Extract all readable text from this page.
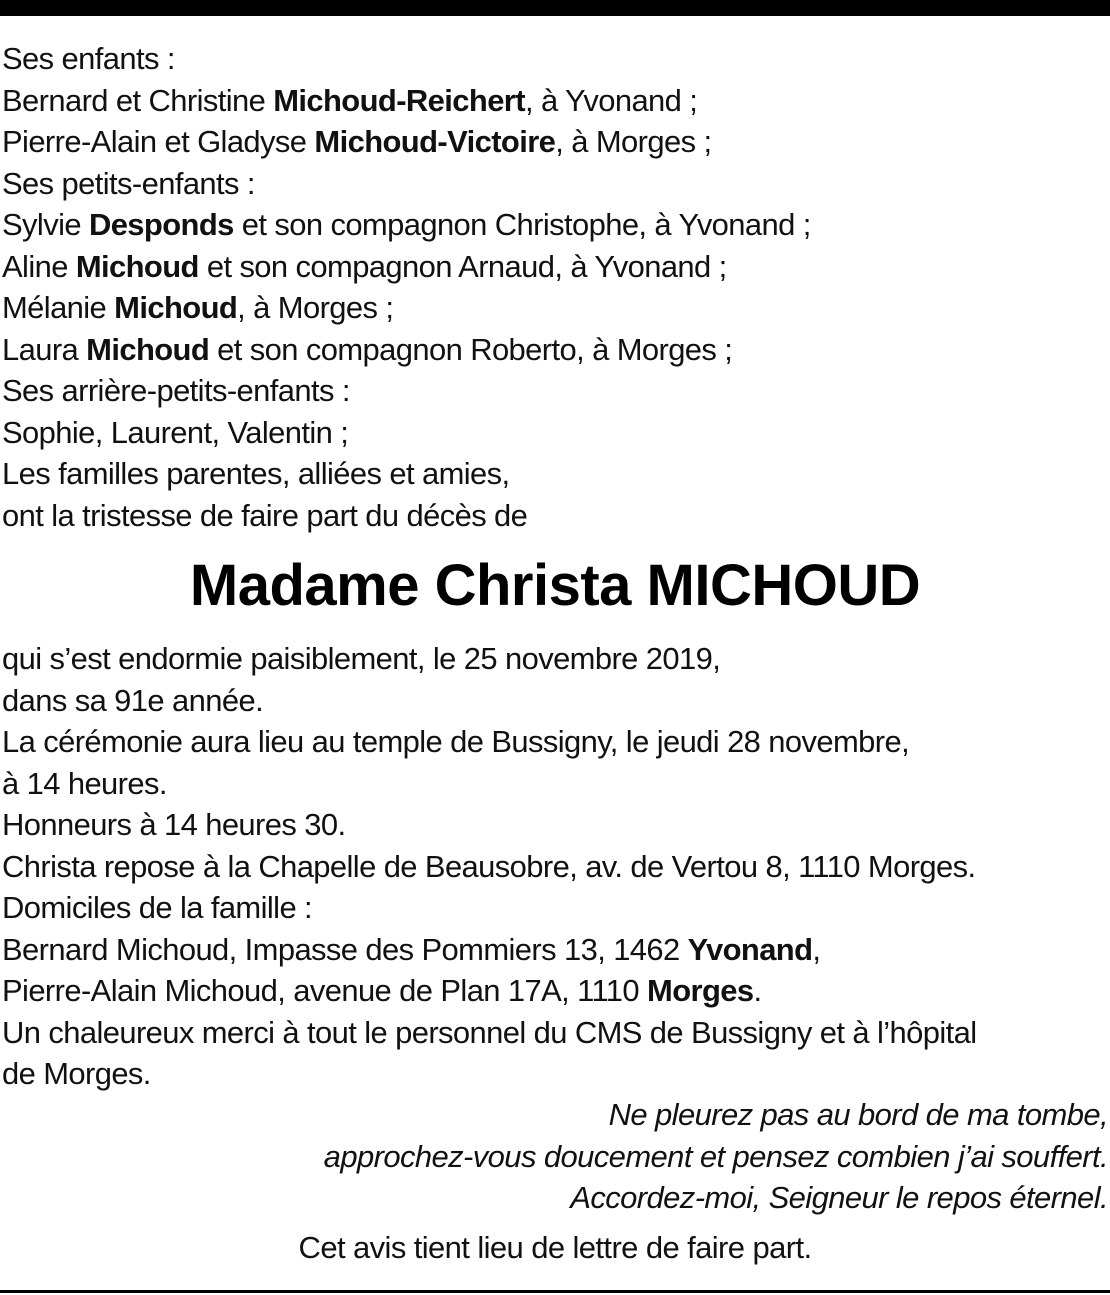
Ses enfants :
Bernard et Christine Michoud-Reichert, à Yvonand ;
Pierre-Alain et Gladyse Michoud-Victoire, à Morges ;
Ses petits-enfants :
Sylvie Desponds et son compagnon Christophe, à Yvonand ;
Aline Michoud et son compagnon Arnaud, à Yvonand ;
Mélanie Michoud, à Morges ;
Laura Michoud et son compagnon Roberto, à Morges ;
Ses arrière-petits-enfants :
Sophie, Laurent, Valentin ;
Les familles parentes, alliées et amies,
ont la tristesse de faire part du décès de
Madame Christa MICHOUD
qui s’est endormie paisiblement, le 25 novembre 2019,
dans sa 91e année.
La cérémonie aura lieu au temple de Bussigny, le jeudi 28 novembre,
à 14 heures.
Honneurs à 14 heures 30.
Christa repose à la Chapelle de Beausobre, av. de Vertou 8, 1110 Morges.
Domiciles de la famille :
Bernard Michoud, Impasse des Pommiers 13, 1462 Yvonand,
Pierre-Alain Michoud, avenue de Plan 17A, 1110 Morges.
Un chaleureux merci à tout le personnel du CMS de Bussigny et à l’hôpital
de Morges.
Ne pleurez pas au bord de ma tombe,
approchez-vous doucement et pensez combien j’ai souffert.
Accordez-moi, Seigneur le repos éternel.
Cet avis tient lieu de lettre de faire part.
